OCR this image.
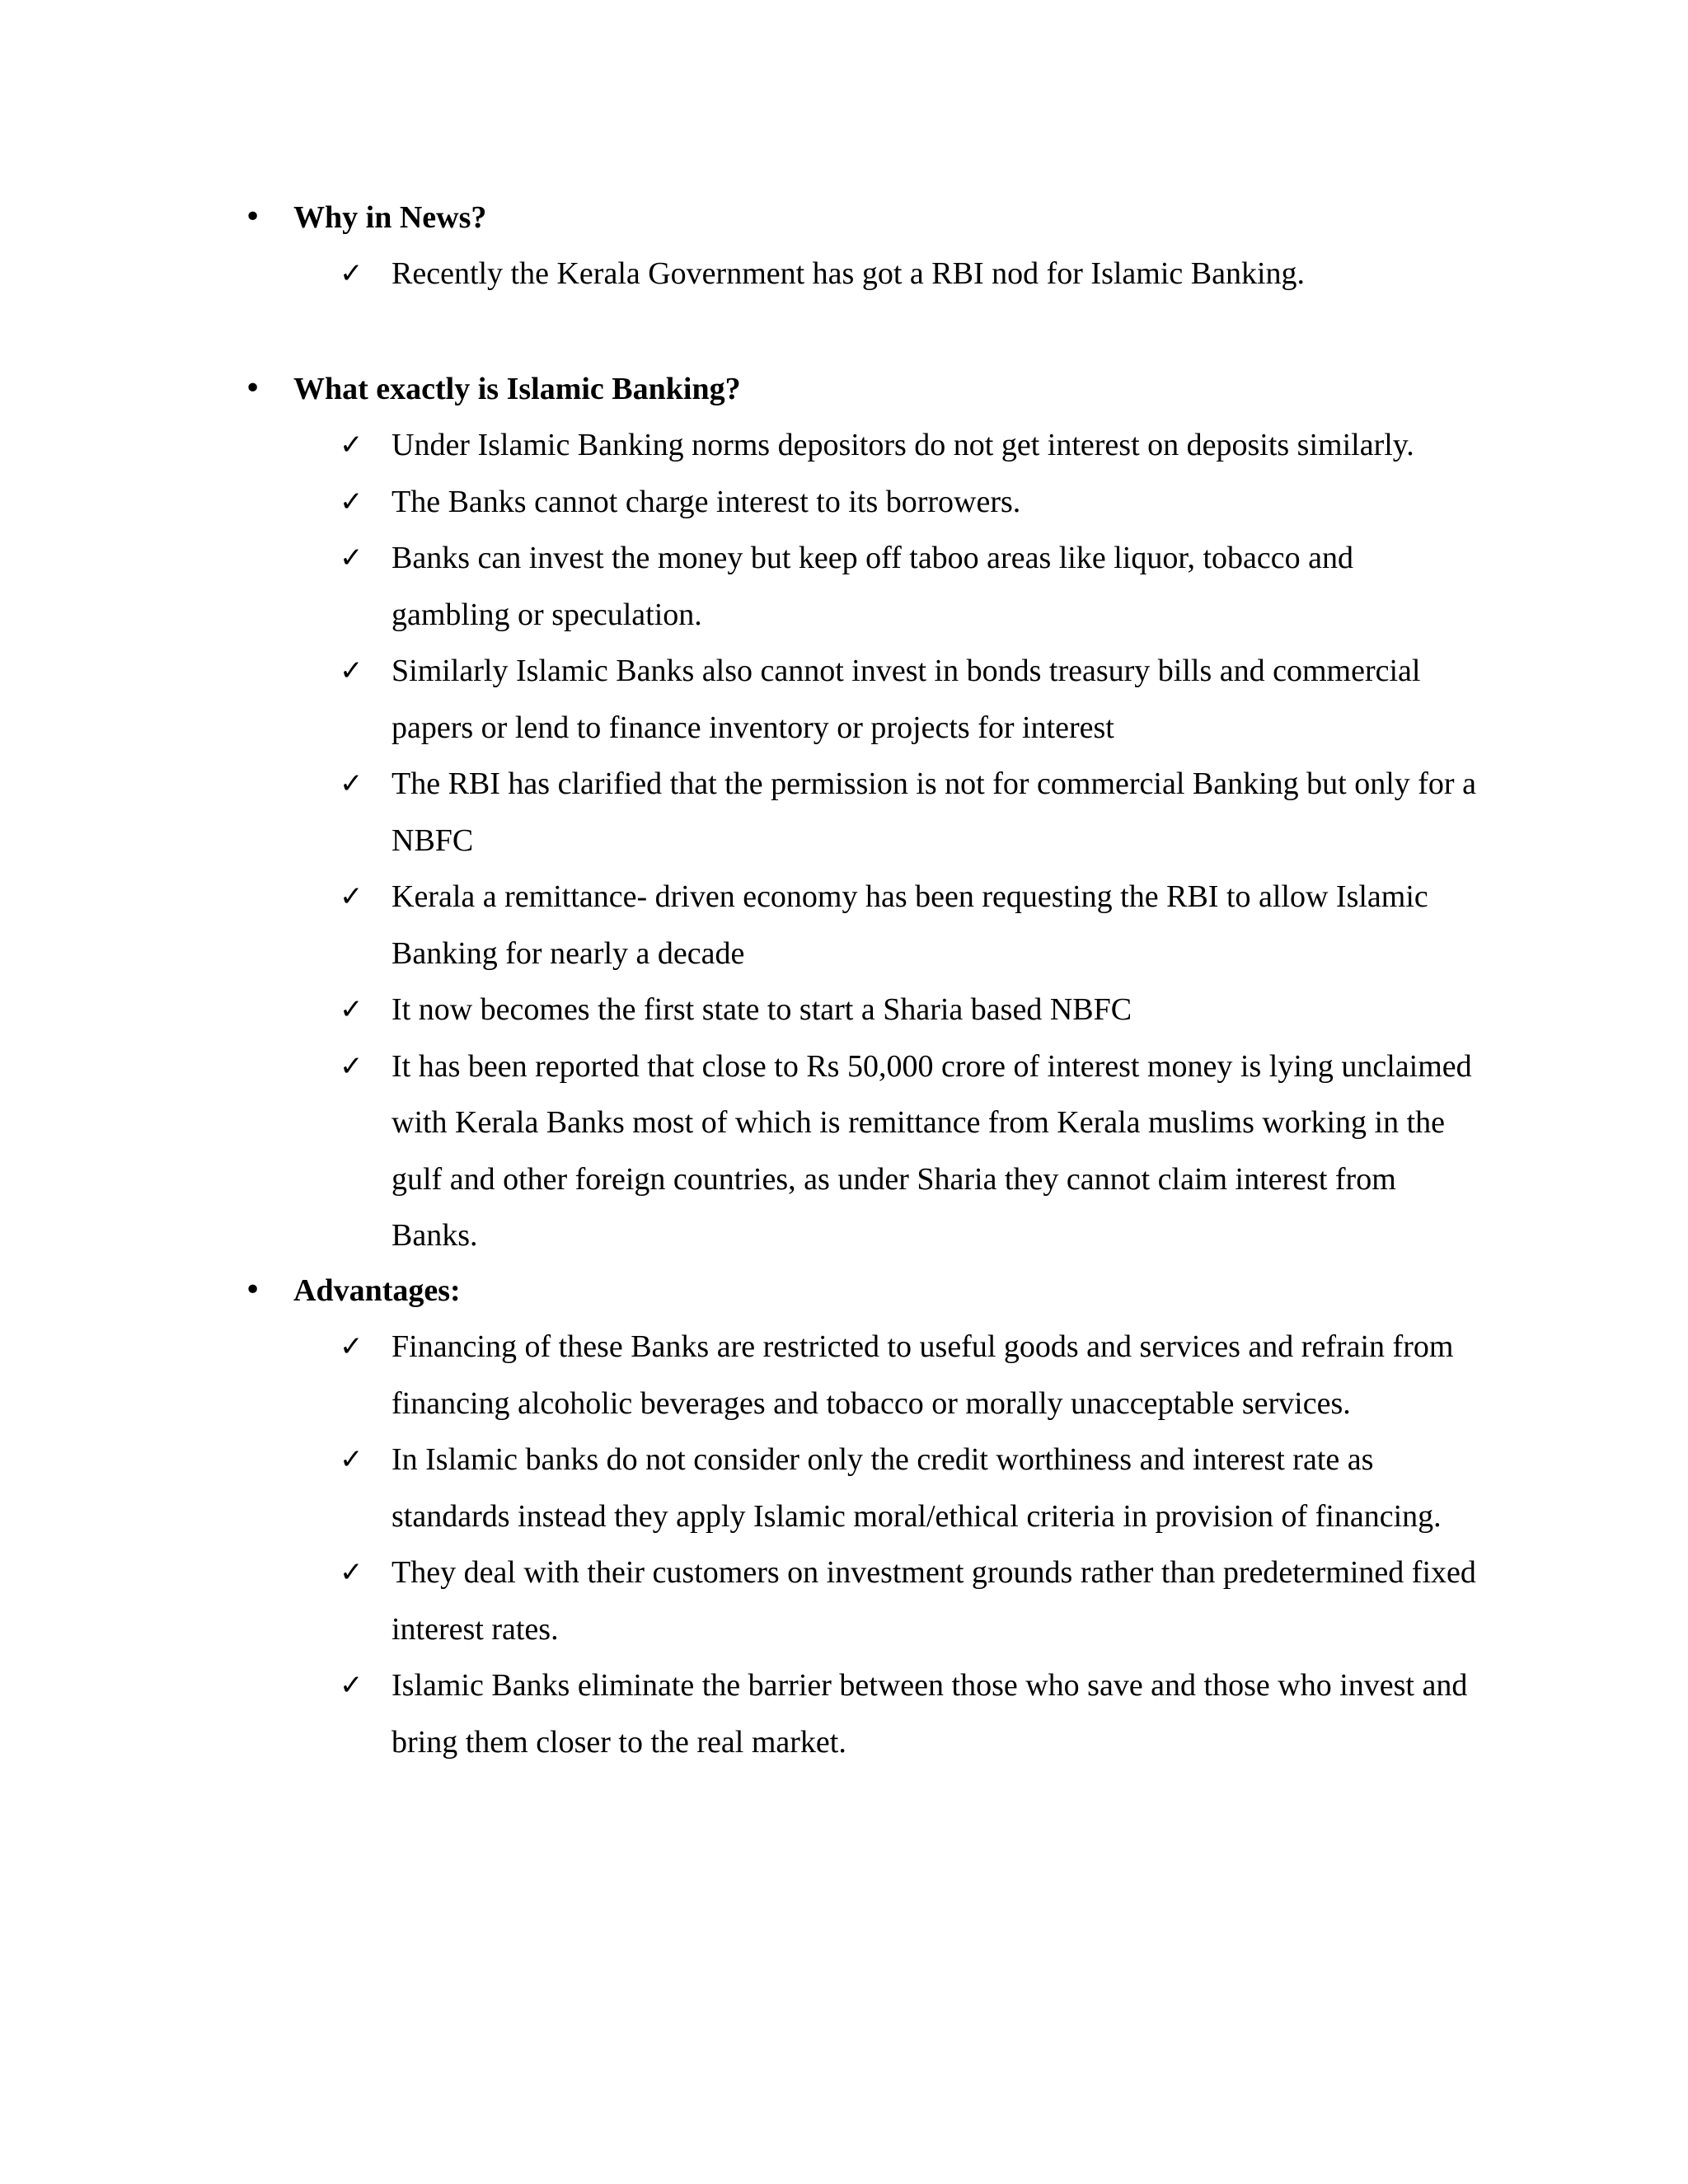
• Why in News?
✓ Recently the Kerala Government has got a RBI nod for Islamic Banking.
• What exactly is Islamic Banking?
✓ Under Islamic Banking norms depositors do not get interest on deposits similarly.
✓ The Banks cannot charge interest to its borrowers.
✓ Banks can invest the money but keep off taboo areas like liquor, tobacco and gambling or speculation.
✓ Similarly Islamic Banks also cannot invest in bonds treasury bills and commercial papers or lend to finance inventory or projects for interest
✓ The RBI has clarified that the permission is not for commercial Banking but only for a NBFC
✓ Kerala a remittance- driven economy has been requesting the RBI to allow Islamic Banking for nearly a decade
✓ It now becomes the first state to start a Sharia based NBFC
✓ It has been reported that close to Rs 50,000 crore of interest money is lying unclaimed with Kerala Banks most of which is remittance from Kerala muslims working in the gulf and other foreign countries, as under Sharia they cannot claim interest from Banks.
• Advantages:
✓ Financing of these Banks are restricted to useful goods and services and refrain from financing alcoholic beverages and tobacco or morally unacceptable services.
✓ In Islamic banks do not consider only the credit worthiness and interest rate as standards instead they apply Islamic moral/ethical criteria in provision of financing.
✓ They deal with their customers on investment grounds rather than predetermined fixed interest rates.
✓ Islamic Banks eliminate the barrier between those who save and those who invest and bring them closer to the real market.
